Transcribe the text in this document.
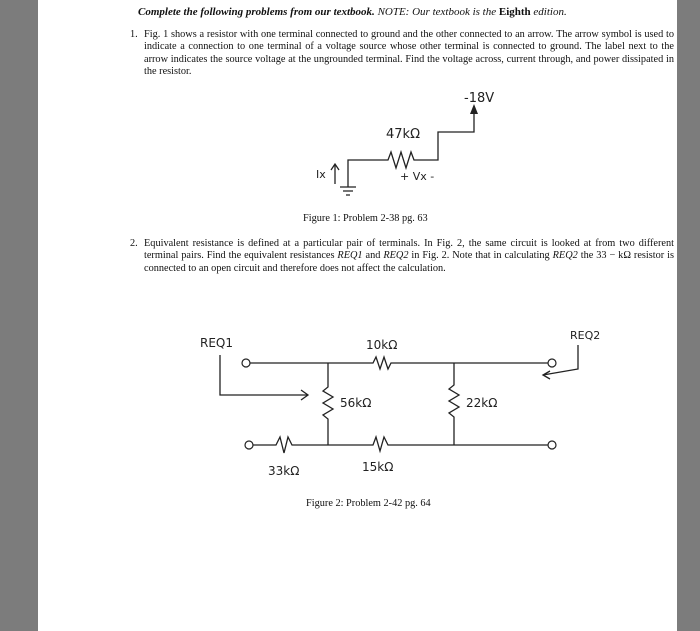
Complete the following problems from our textbook. NOTE: Our textbook is the Eighth edition.
1. Fig. 1 shows a resistor with one terminal connected to ground and the other connected to an arrow. The arrow symbol is used to indicate a connection to one terminal of a voltage source whose other terminal is connected to ground. The label next to the arrow indicates the source voltage at the ungrounded terminal. Find the voltage across, current through, and power dissipated in the resistor.
-18V
47kΩ
+ Vx -
Ix
Figure 1: Problem 2-38 pg. 63
2. Equivalent resistance is defined at a particular pair of terminals. In Fig. 2, the same circuit is looked at from two different terminal pairs. Find the equivalent resistances REQ1 and REQ2 in Fig. 2. Note that in calculating REQ2 the 33 − kΩ resistor is connected to an open circuit and therefore does not affect the calculation.
REQ1
REQ2
10kΩ
56kΩ	22kΩ
33kΩ	15kΩ
Figure 2: Problem 2-42 pg. 64
